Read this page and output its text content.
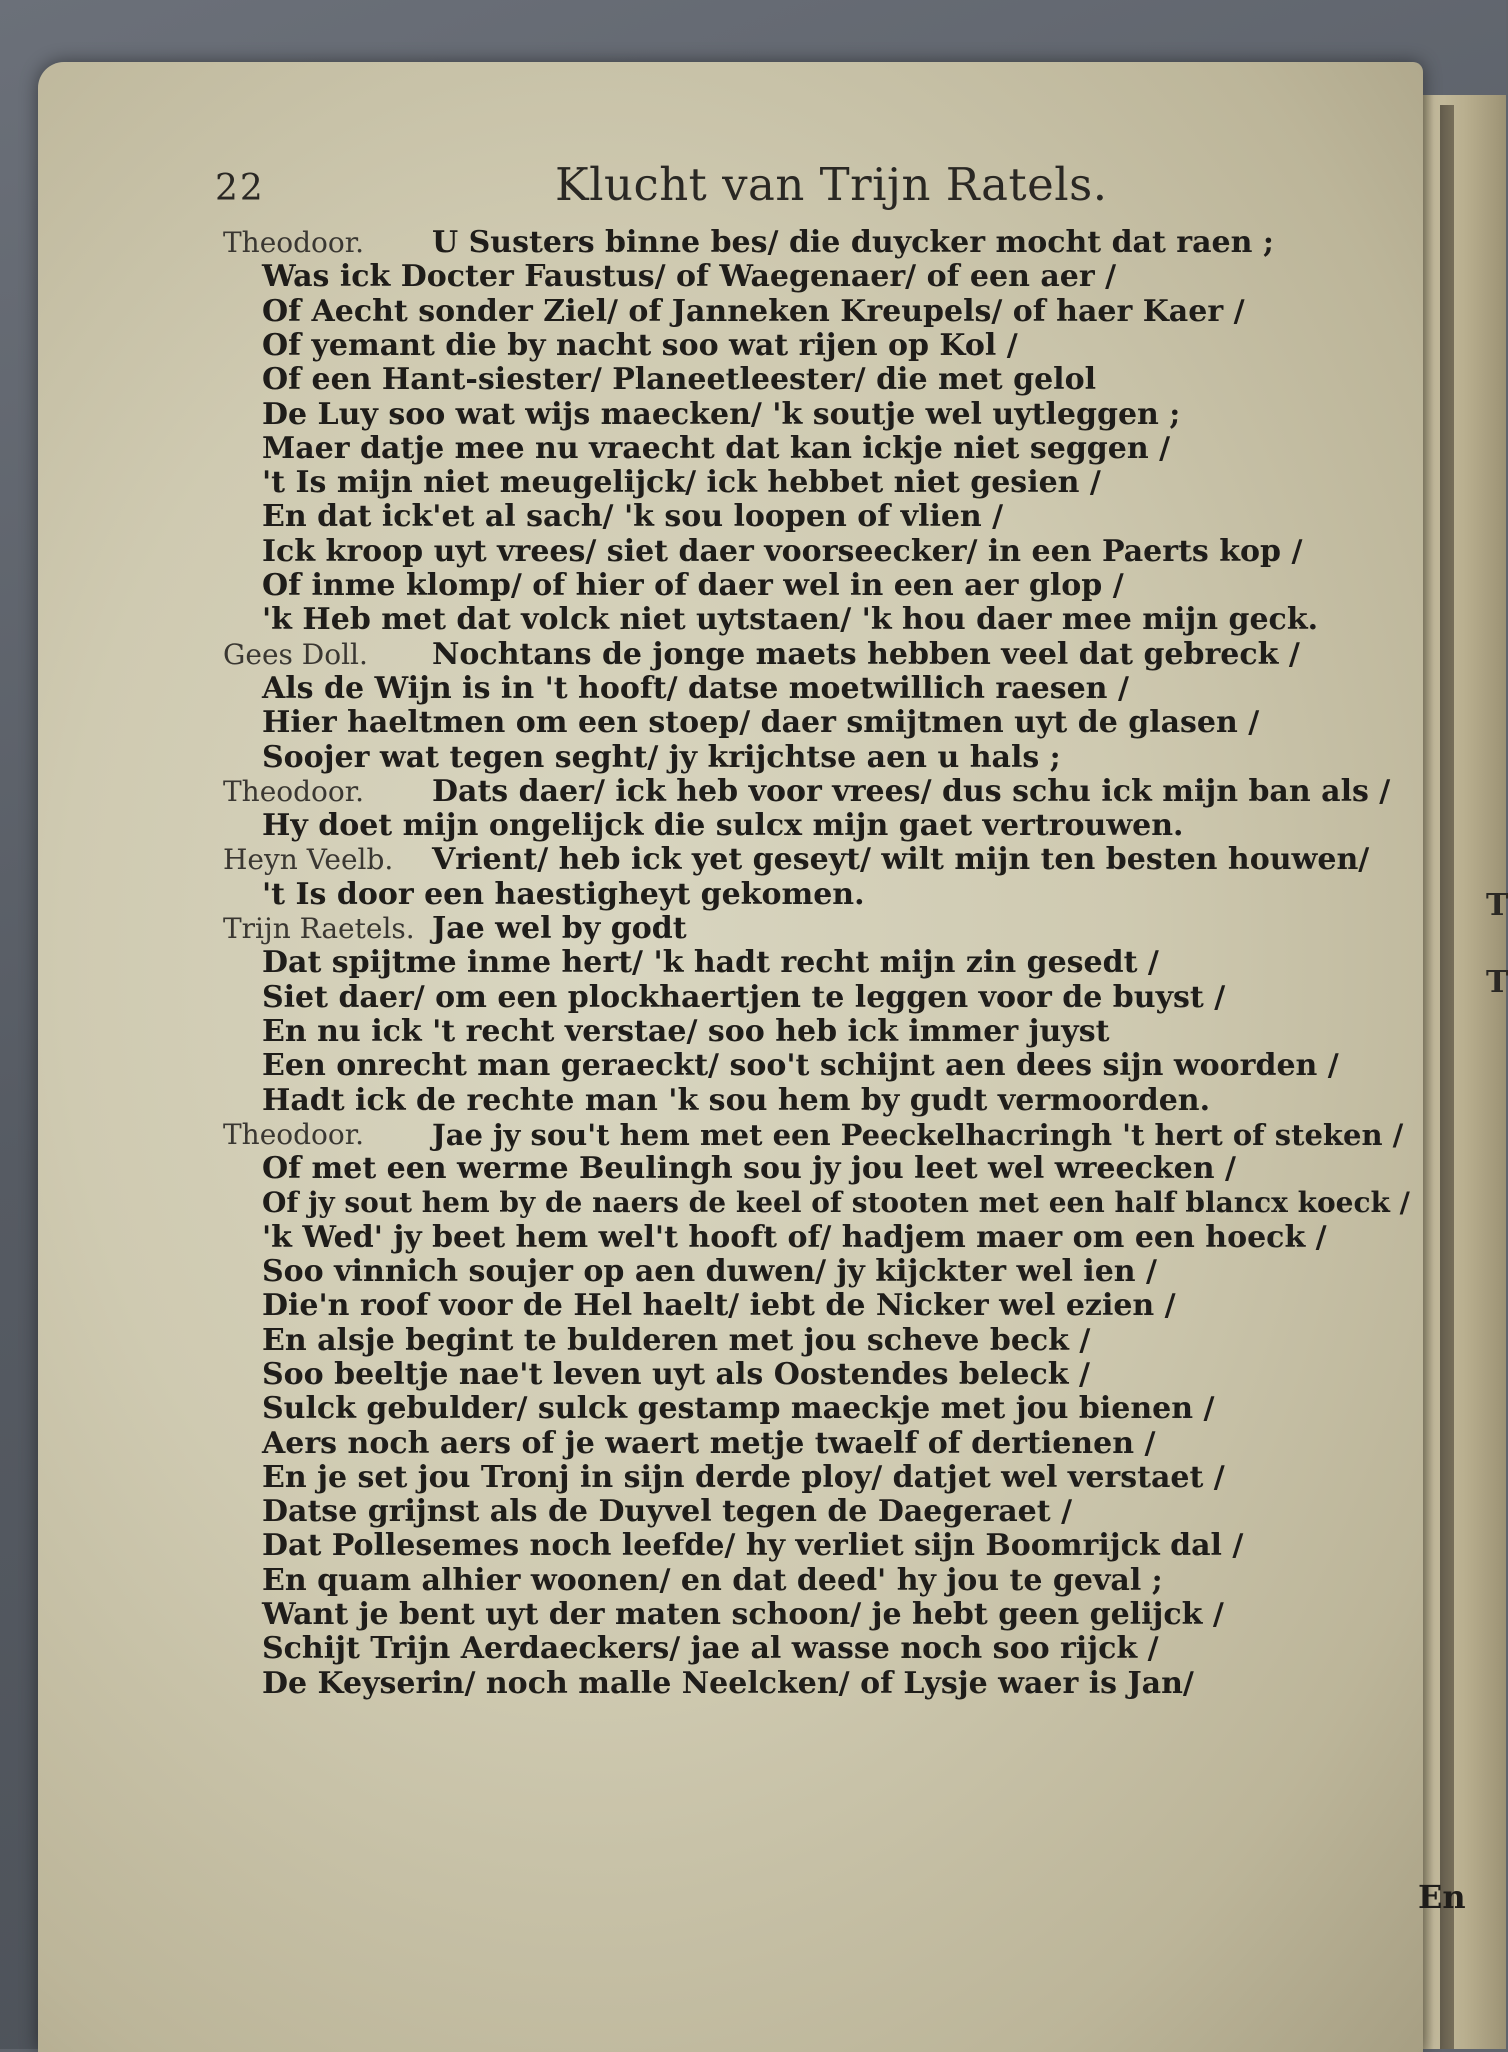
22	Klucht van Trijn Ratels.
Theodoor. U Susters binne bes/ die duycker mocht dat raen ;
Was ick Docter Faustus/ of Waegenaer/ of een aer /
Of Aecht sonder Ziel/ of Janneken Kreupels/ of haer Kaer /
Of yemant die by nacht soo wat rijen op Kol /
Of een Hant-siester/ Planeetleester/ die met gelol
De Luy soo wat wijs maecken/ 'k soutje wel uytleggen ;
Maer datje mee nu vraecht dat kan ickje niet seggen /
't Is mijn niet meugelijck/ ick hebbet niet gesien /
En dat ick'et al sach/ 'k sou loopen of vlien /
Ick kroop uyt vrees/ siet daer voorseecker/ in een Paerts kop /
Of inme klomp/ of hier of daer wel in een aer glop /
'k Heb met dat volck niet uytstaen/ 'k hou daer mee mijn geck.
Gees Doll. Nochtans de jonge maets hebben veel dat gebreck /
Als de Wijn is in 't hooft/ datse moetwillich raesen /
Hier haeltmen om een stoep/ daer smijtmen uyt de glasen /
Soojer wat tegen seght/ jy krijchtse aen u hals ;
Theodoor. Dats daer/ ick heb voor vrees/ dus schu ick mijn ban als /
Hy doet mijn ongelijck die sulcx mijn gaet vertrouwen.
Heyn Veelb. Vrient/ heb ick yet geseyt/ wilt mijn ten besten houwen/
't Is door een haestigheyt gekomen.
Trijn Raetels. Jae wel by godt
Dat spijtme inme hert/ 'k hadt recht mijn zin gesedt /
Siet daer/ om een plockhaertjen te leggen voor de buyst /
En nu ick 't recht verstae/ soo heb ick immer juyst
Een onrecht man geraeckt/ soo't schijnt aen dees sijn woorden /
Hadt ick de rechte man 'k sou hem by gudt vermoorden.
Theodoor. Jae jy sou't hem met een Peeckelhacringh 't hert of steken /
Of met een werme Beulingh sou jy jou leet wel wreecken /
Of jy sout hem by de naers de keel of stooten met een half blancx koeck /
'k Wed' jy beet hem wel't hooft of/ hadjem maer om een hoeck /
Soo vinnich soujer op aen duwen/ jy kijckter wel ien /
Die'n roof voor de Hel haelt/ iebt de Nicker wel ezien /
En alsje begint te bulderen met jou scheve beck /
Soo beeltje nae't leven uyt als Oostendes beleck /
Sulck gebulder/ sulck gestamp maeckje met jou bienen /
Aers noch aers of je waert metje twaelf of dertienen /
En je set jou Tronj in sijn derde ploy/ datjet wel verstaet /
Datse grijnst als de Duyvel tegen de Daegeraet /
Dat Pollesemes noch leefde/ hy verliet sijn Boomrijck dal /
En quam alhier woonen/ en dat deed' hy jou te geval ;
Want je bent uyt der maten schoon/ je hebt geen gelijck /
Schijt Trijn Aerdaeckers/ jae al wasse noch soo rijck /
De Keyserin/ noch malle Neelcken/ of Lysje waer is Jan/
T
T
En
